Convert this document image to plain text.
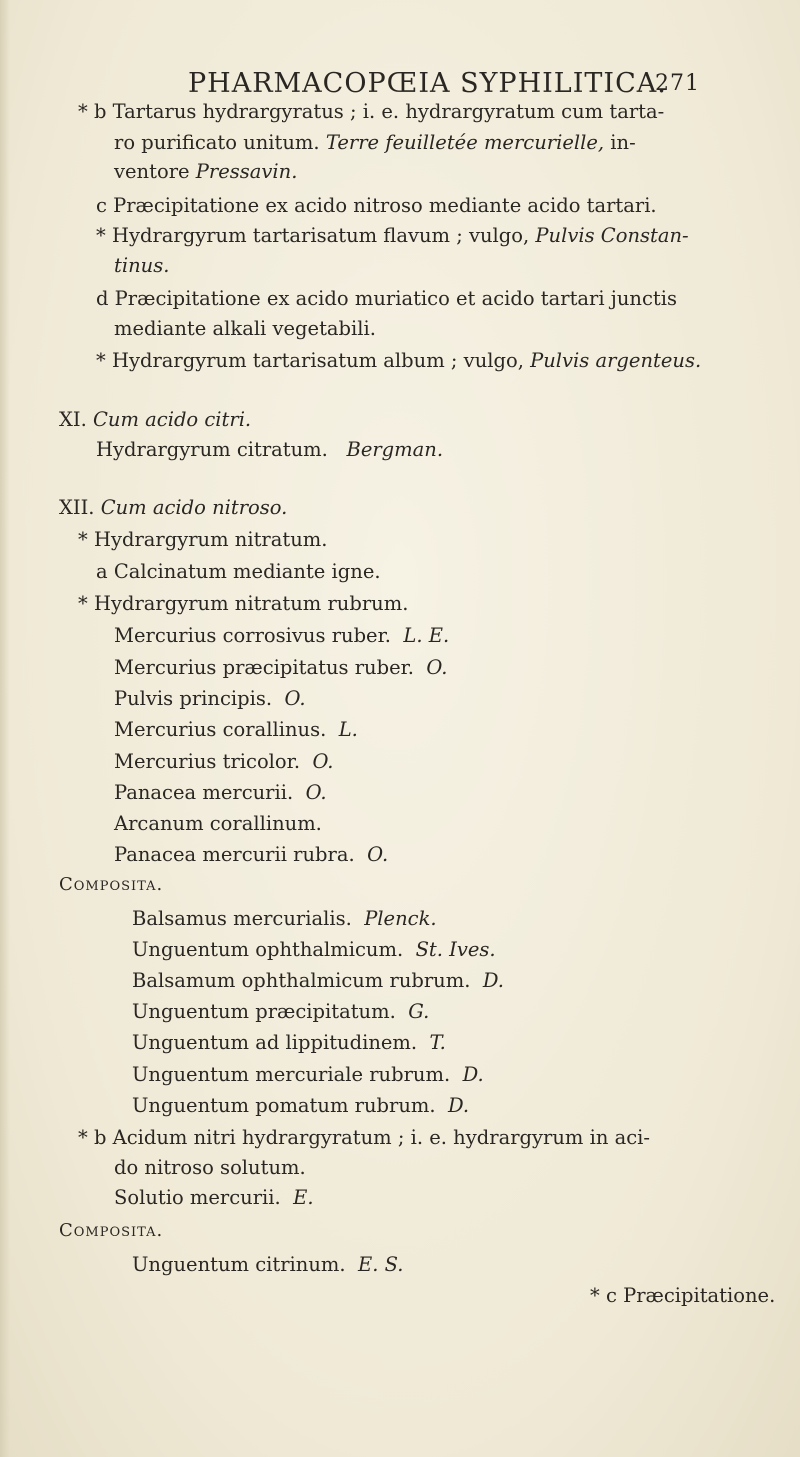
PHARMACOPŒIA SYPHILITICA.
271
* b Tartarus hydrargyratus ; i. e. hydrargyratum cum tarta-
ro purificato unitum. Terre feuilletée mercurielle, in-
ventore Pressavin.
c Præcipitatione ex acido nitroso mediante acido tartari.
* Hydrargyrum tartarisatum flavum ; vulgo, Pulvis Constan-
tinus.
d Præcipitatione ex acido muriatico et acido tartari junctis
mediante alkali vegetabili.
* Hydrargyrum tartarisatum album ; vulgo, Pulvis argenteus.
XI. Cum acido citri.
Hydrargyrum citratum. Bergman.
XII. Cum acido nitroso.
* Hydrargyrum nitratum.
a Calcinatum mediante igne.
* Hydrargyrum nitratum rubrum.
Mercurius corrosivus ruber. L. E.
Mercurius præcipitatus ruber. O.
Pulvis principis. O.
Mercurius corallinus. L.
Mercurius tricolor. O.
Panacea mercurii. O.
Arcanum corallinum.
Panacea mercurii rubra. O.
Composita.
Balsamus mercurialis. Plenck.
Unguentum ophthalmicum. St. Ives.
Balsamum ophthalmicum rubrum. D.
Unguentum præcipitatum. G.
Unguentum ad lippitudinem. T.
Unguentum mercuriale rubrum. D.
Unguentum pomatum rubrum. D.
* b Acidum nitri hydrargyratum ; i. e. hydrargyrum in aci-
do nitroso solutum.
Solutio mercurii. E.
Composita.
Unguentum citrinum. E. S.
* c Præcipitatione.
